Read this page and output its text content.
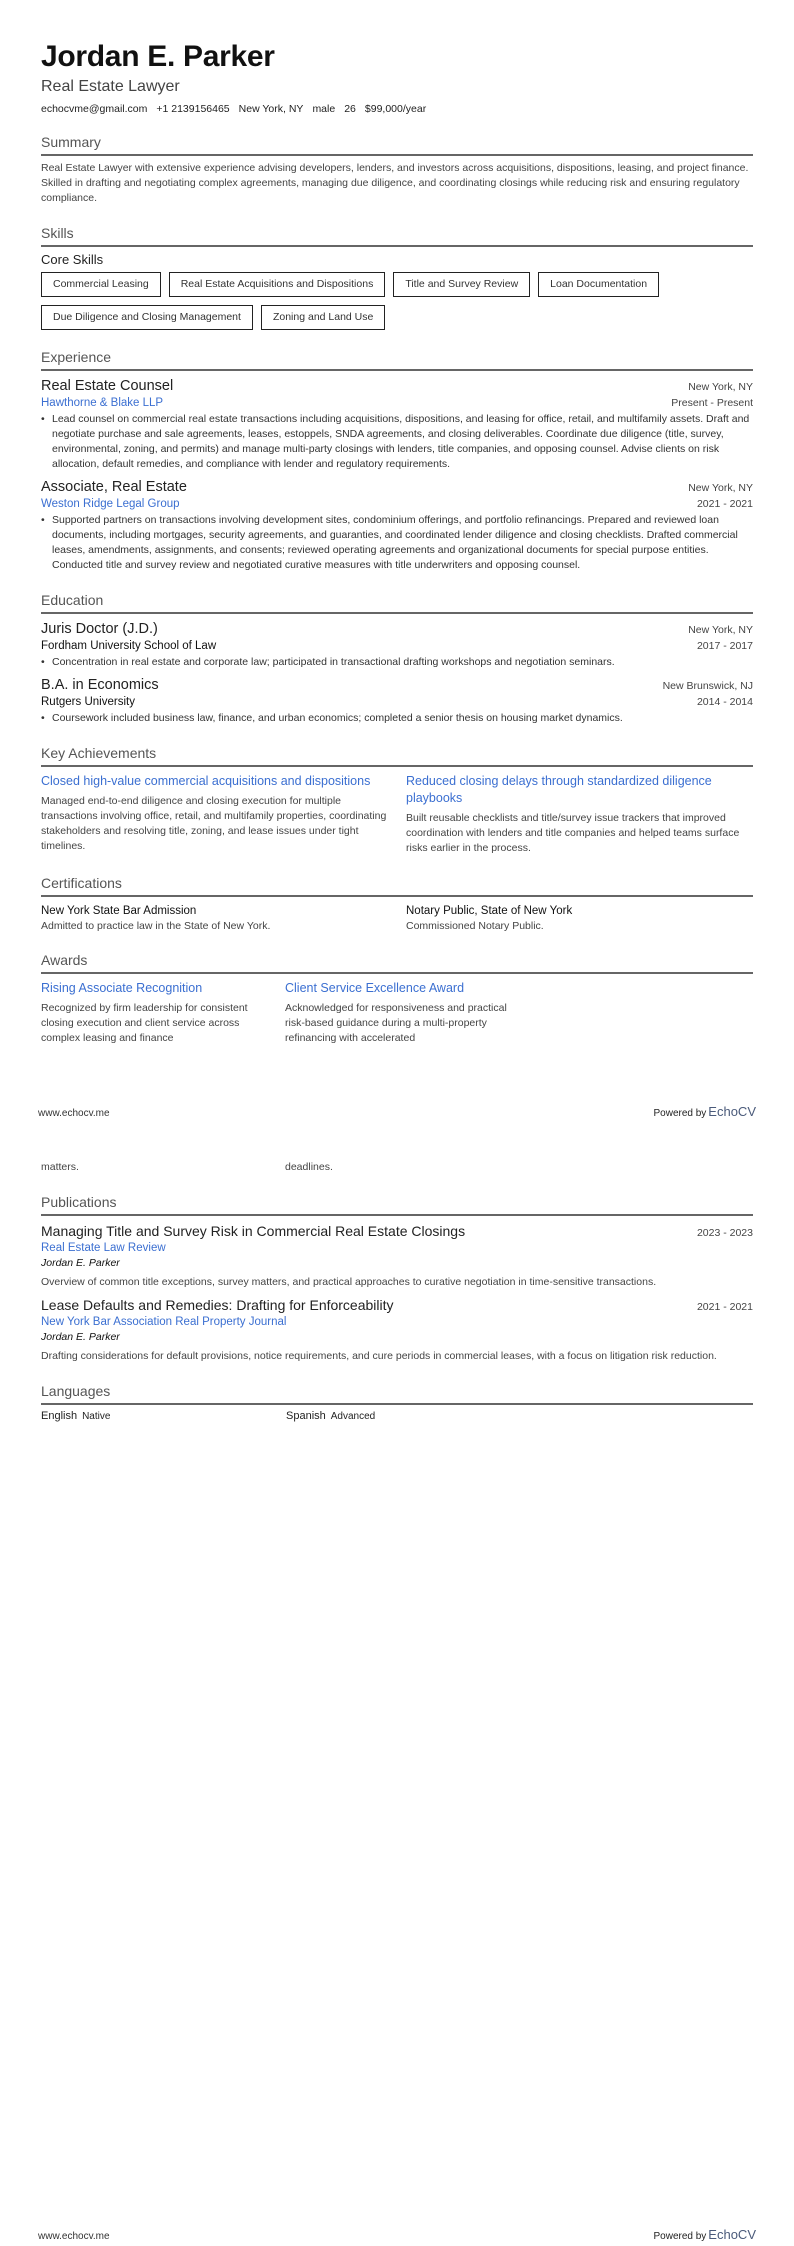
Jordan E. Parker
Real Estate Lawyer
echocvme@gmail.com +1 2139156465 New York, NY male 26 $99,000/year
Summary
Real Estate Lawyer with extensive experience advising developers, lenders, and investors across acquisitions, dispositions, leasing, and project finance. Skilled in drafting and negotiating complex agreements, managing due diligence, and coordinating closings while reducing risk and ensuring regulatory compliance.
Skills
Core Skills
Commercial Leasing	Real Estate Acquisitions and Dispositions	Title and Survey Review	Loan Documentation
Due Diligence and Closing Management	Zoning and Land Use
Experience
Real Estate Counsel	New York, NY
Hawthorne & Blake LLP	Present - Present
• Lead counsel on commercial real estate transactions including acquisitions, dispositions, and leasing for office, retail, and multifamily assets. Draft and negotiate purchase and sale agreements, leases, estoppels, SNDA agreements, and closing deliverables. Coordinate due diligence (title, survey, environmental, zoning, and permits) and manage multi-party closings with lenders, title companies, and opposing counsel. Advise clients on risk allocation, default remedies, and compliance with lender and regulatory requirements.
Associate, Real Estate	New York, NY
Weston Ridge Legal Group	2021 - 2021
• Supported partners on transactions involving development sites, condominium offerings, and portfolio refinancings. Prepared and reviewed loan documents, including mortgages, security agreements, and guaranties, and coordinated lender diligence and closing checklists. Drafted commercial leases, amendments, assignments, and consents; reviewed operating agreements and organizational documents for special purpose entities. Conducted title and survey review and negotiated curative measures with title underwriters and opposing counsel.
Education
Juris Doctor (J.D.)	New York, NY
Fordham University School of Law	2017 - 2017
• Concentration in real estate and corporate law; participated in transactional drafting workshops and negotiation seminars.
B.A. in Economics	New Brunswick, NJ
Rutgers University	2014 - 2014
• Coursework included business law, finance, and urban economics; completed a senior thesis on housing market dynamics.
Key Achievements
Closed high-value commercial acquisitions and dispositions
Managed end-to-end diligence and closing execution for multiple transactions involving office, retail, and multifamily properties, coordinating stakeholders and resolving title, zoning, and lease issues under tight timelines.
Reduced closing delays through standardized diligence playbooks
Built reusable checklists and title/survey issue trackers that improved coordination with lenders and title companies and helped teams surface risks earlier in the process.
Certifications
New York State Bar Admission
Admitted to practice law in the State of New York.
Notary Public, State of New York
Commissioned Notary Public.
Awards
Rising Associate Recognition
Recognized by firm leadership for consistent closing execution and client service across complex leasing and finance
Client Service Excellence Award
Acknowledged for responsiveness and practical risk-based guidance during a multi-property refinancing with accelerated
www.echocv.me	Powered by EchoCV
matters.	deadlines.
Publications
Managing Title and Survey Risk in Commercial Real Estate Closings	2023 - 2023
Real Estate Law Review
Jordan E. Parker
Overview of common title exceptions, survey matters, and practical approaches to curative negotiation in time-sensitive transactions.
Lease Defaults and Remedies: Drafting for Enforceability	2021 - 2021
New York Bar Association Real Property Journal
Jordan E. Parker
Drafting considerations for default provisions, notice requirements, and cure periods in commercial leases, with a focus on litigation risk reduction.
Languages
English Native	Spanish Advanced
www.echocv.me	Powered by EchoCV
